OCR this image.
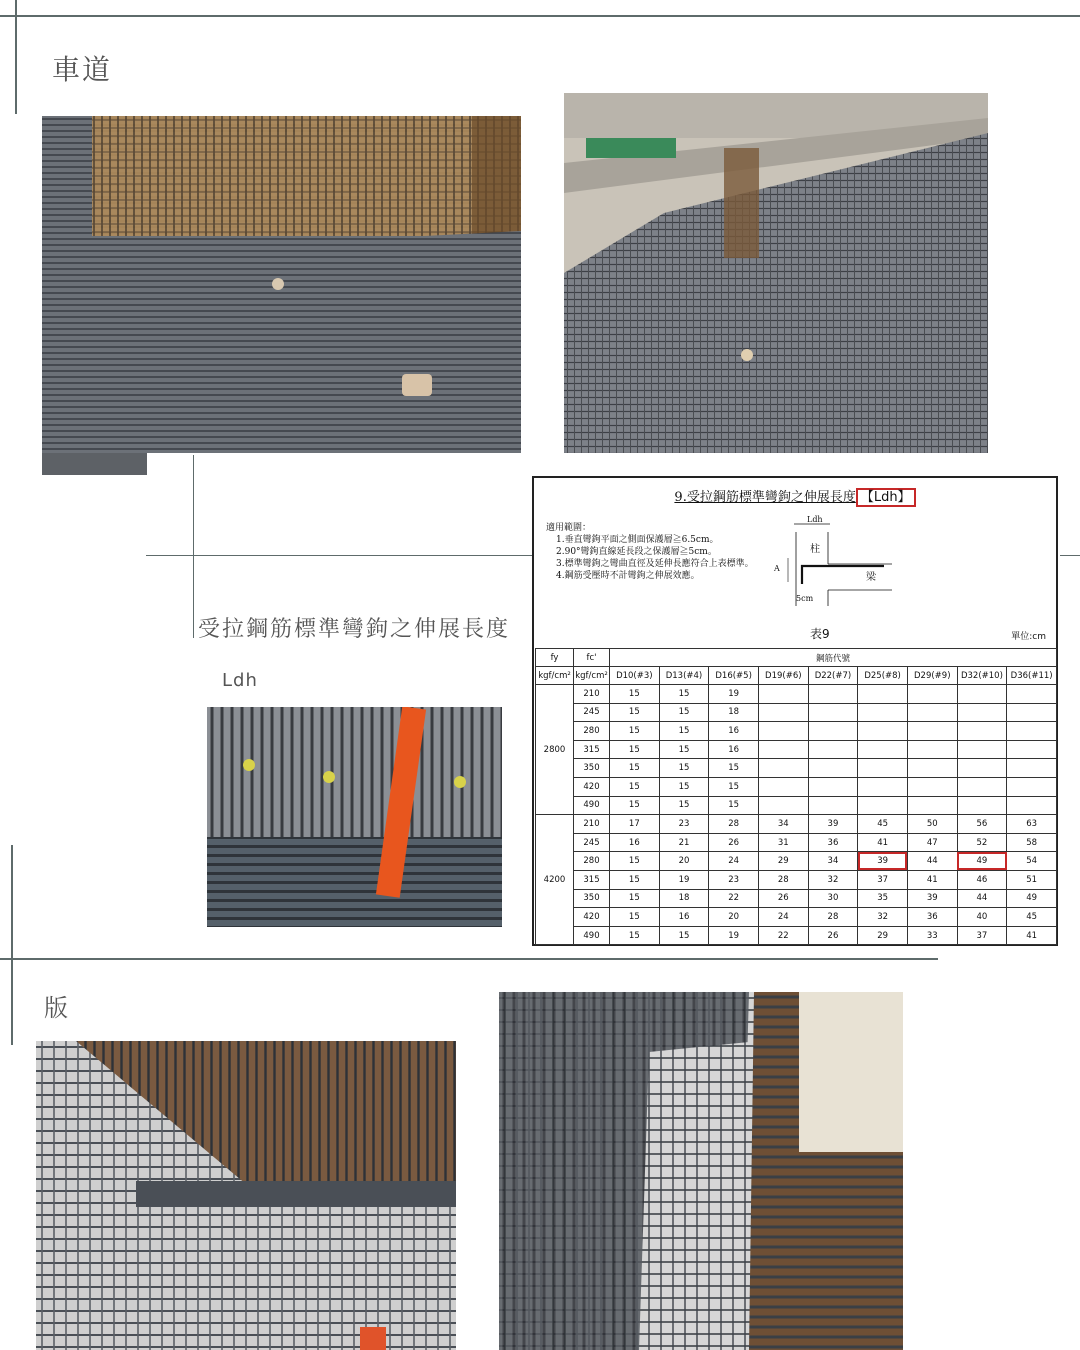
車道
受拉鋼筋標準彎鉤之伸展長度
Ldh
版
9.受拉鋼筋標準彎鉤之伸展長度 【Ldh】
適用範圍：
1.垂直彎鉤平面之側面保護層≧6.5cm。
2.90°彎鉤直線延長段之保護層≧5cm。
3.標準彎鉤之彎曲直徑及延伸長應符合上表標準。
4.鋼筋受壓時不計彎鉤之伸展效應。
Ldh
柱
梁
A
5cm
表9	單位:cm
fy	fc'	鋼筋代號								
kgf/cm²	kgf/cm²	D10(#3)	D13(#4)	D16(#5)	D19(#6)	D22(#7)	D25(#8)	D29(#9)	D32(#10)	D36(#11)
2800	210	15	15	19						
	245	15	15	18						
	280	15	15	16						
	315	15	15	16						
	350	15	15	15						
	420	15	15	15						
	490	15	15	15						
4200	210	17	23	28	34	39	45	50	56	63
	245	16	21	26	31	36	41	47	52	58
	280	15	20	24	29	34	39	44	49	54
	315	15	19	23	28	32	37	41	46	51
	350	15	18	22	26	30	35	39	44	49
	420	15	16	20	24	28	32	36	40	45
	490	15	15	19	22	26	29	33	37	41
